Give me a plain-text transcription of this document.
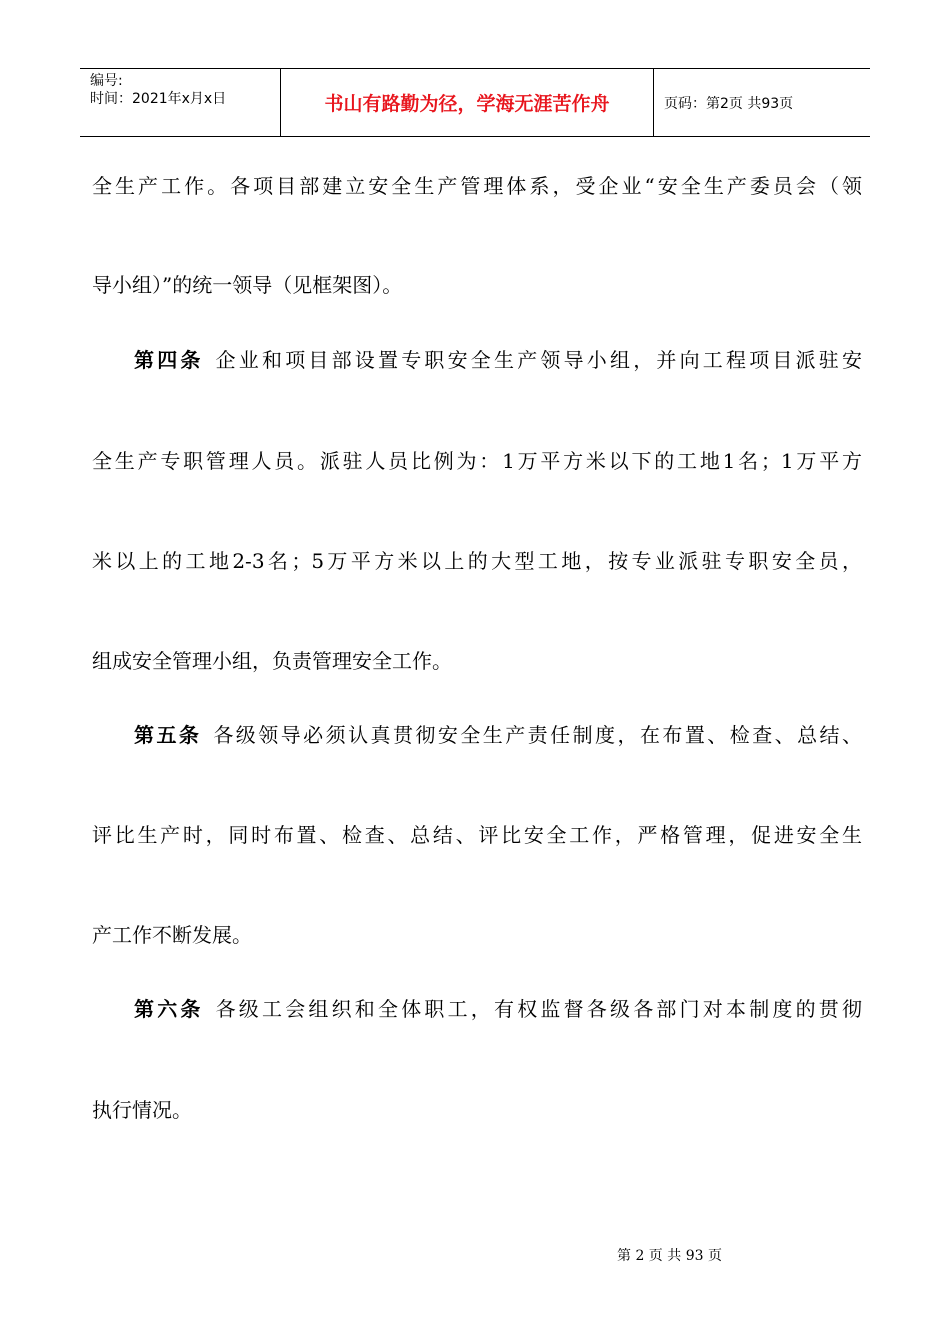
编号:
时间：2021年x月x日	书山有路勤为径，学海无涯苦作舟	页码：第2页 共93页
全生产工作。各项目部建立安全生产管理体系，受企业“安全生产委员会（领
导小组）”的统一领导（见框架图）。
第四条 企业和项目部设置专职安全生产领导小组，并向工程项目派驻安
全生产专职管理人员。派驻人员比例为：1万平方米以下的工地1名；1万平方
米以上的工地2-3名；5万平方米以上的大型工地，按专业派驻专职安全员，
组成安全管理小组，负责管理安全工作。
第五条 各级领导必须认真贯彻安全生产责任制度，在布置、检查、总结、
评比生产时，同时布置、检查、总结、评比安全工作，严格管理，促进安全生
产工作不断发展。
第六条 各级工会组织和全体职工，有权监督各级各部门对本制度的贯彻
执行情况。
第 2 页 共 93 页
